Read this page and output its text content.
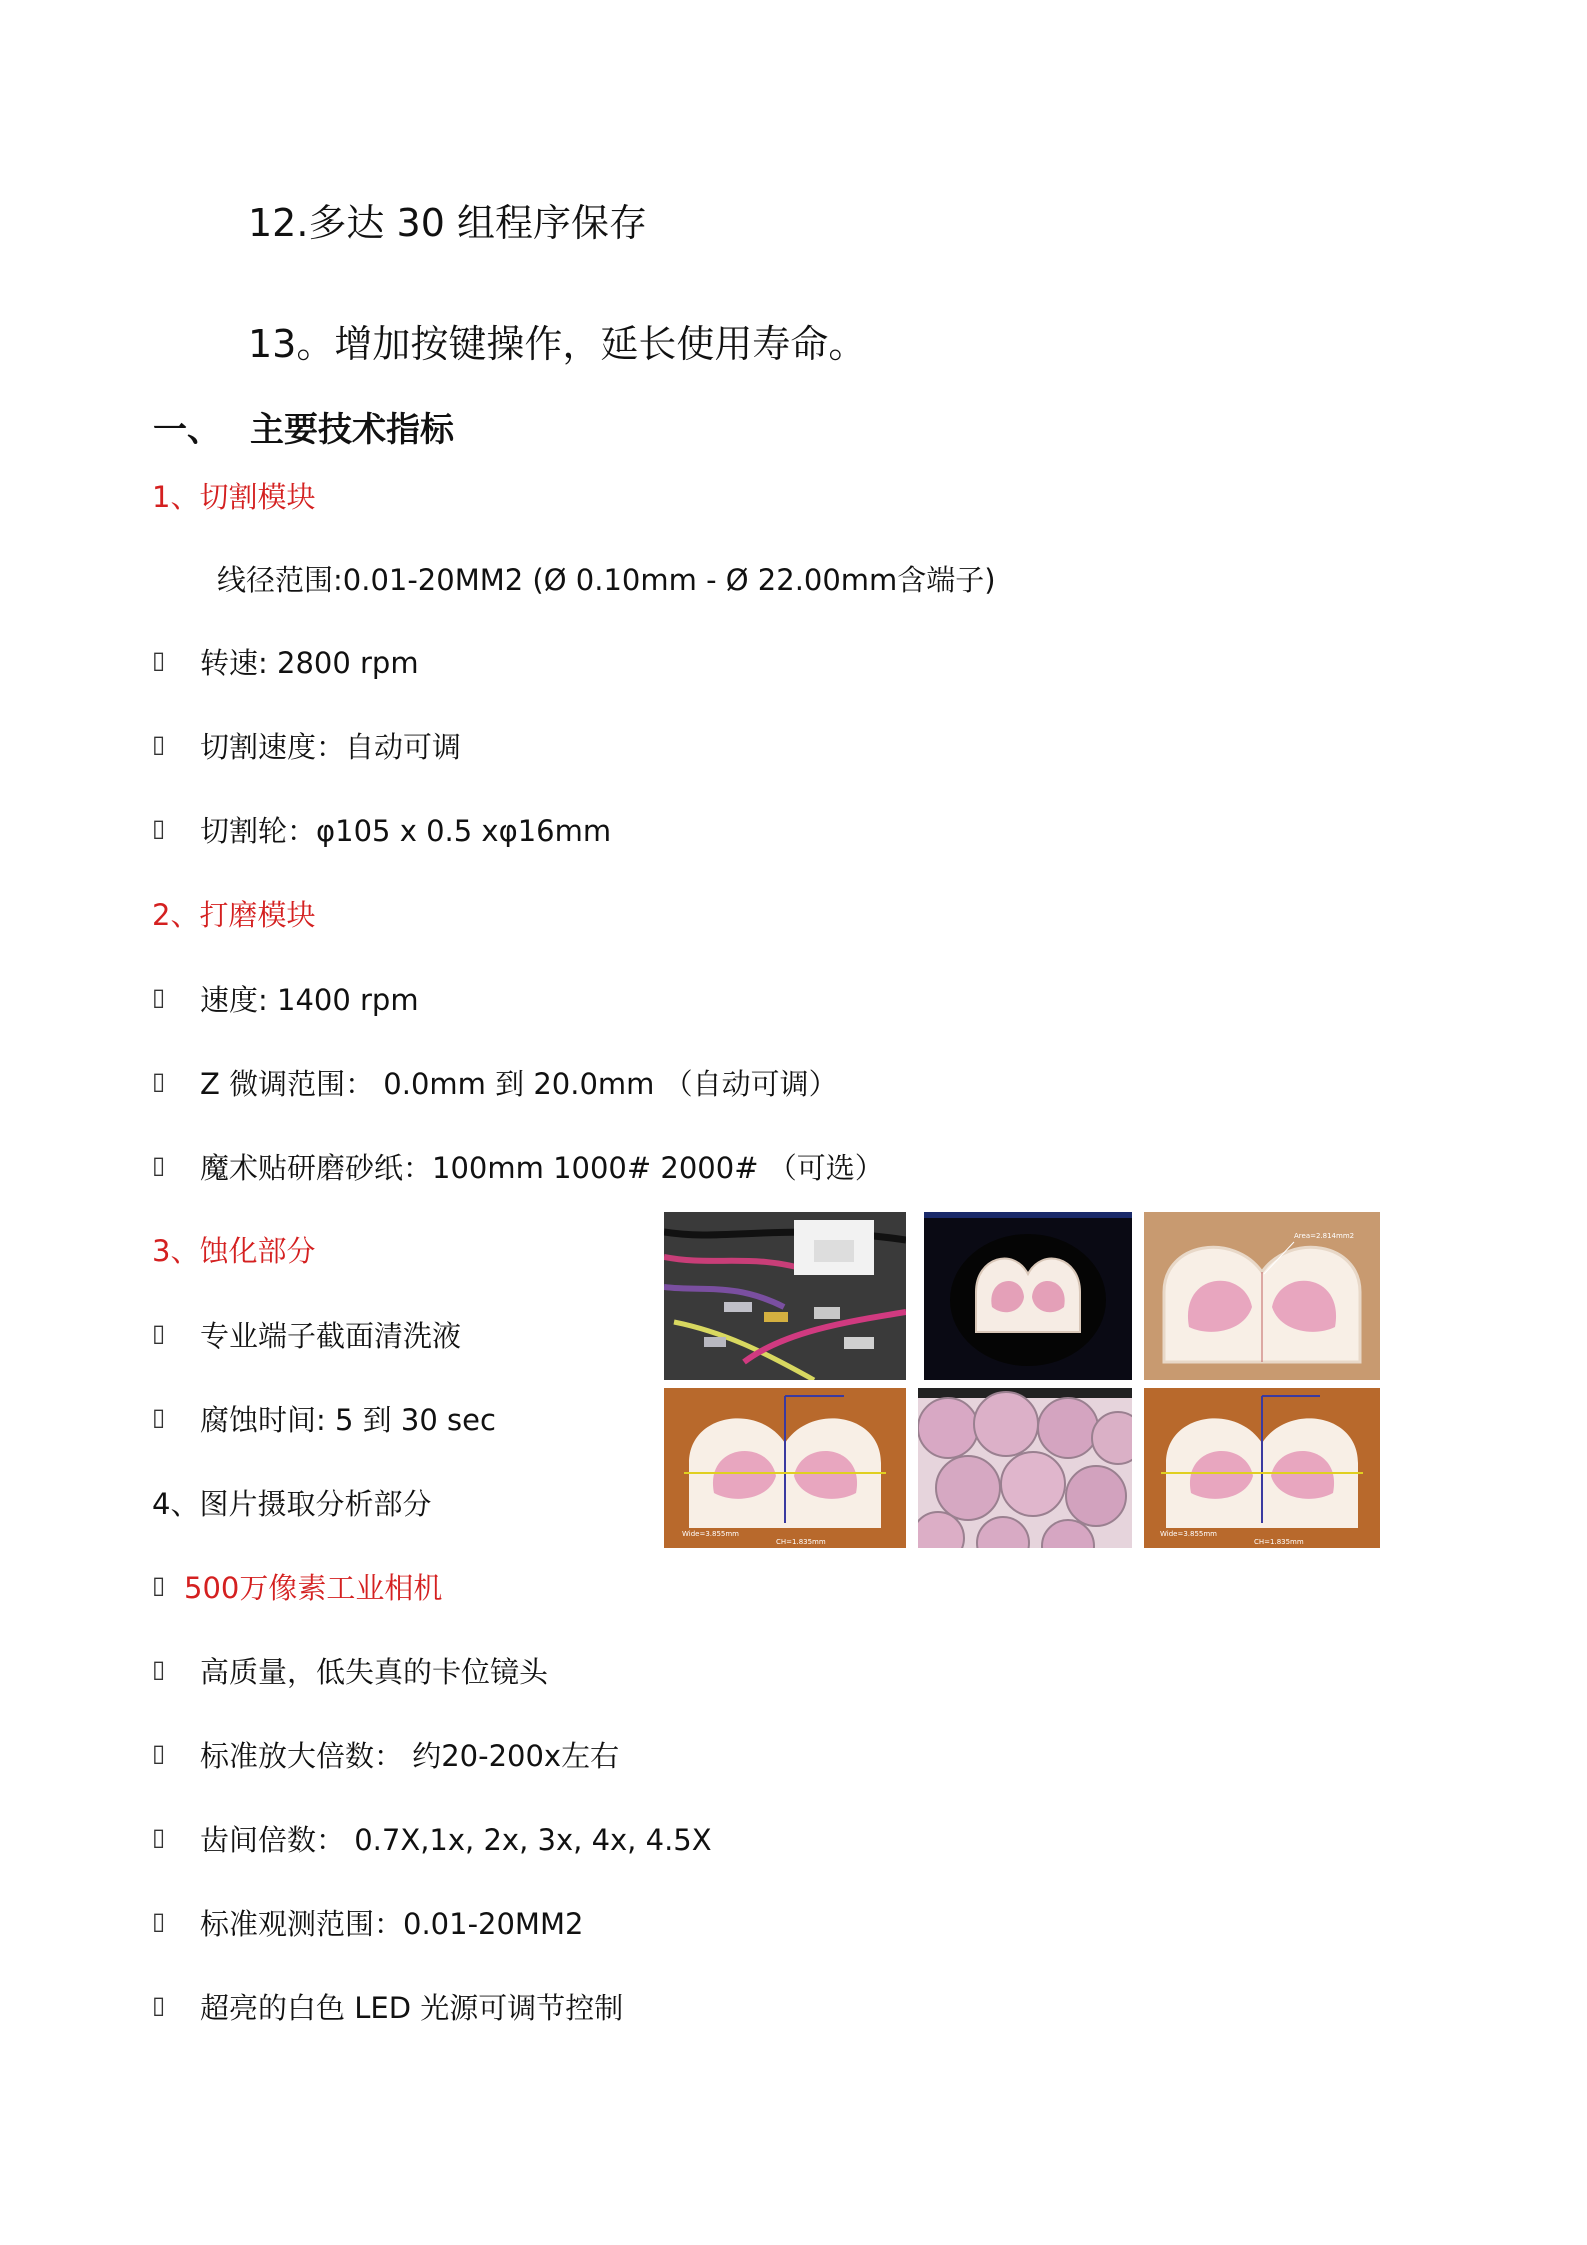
12.多达 30 组程序保存
13。增加按键操作，延长使用寿命。
一、 主要技术指标
1、切割模块
线径范围:0.01-20MM2 (Ø 0.10mm - Ø 22.00mm含端子)
▯ 转速: 2800 rpm
▯ 切割速度：自动可调
▯ 切割轮：φ105 x 0.5 xφ16mm
2、打磨模块
▯ 速度: 1400 rpm
▯ Z 微调范围： 0.0mm 到 20.0mm （自动可调）
▯ 魔术贴研磨砂纸：100mm 1000# 2000# （可选）
3、蚀化部分
▯ 专业端子截面清洗液
▯ 腐蚀时间: 5 到 30 sec
4、图片摄取分析部分
▯ 500万像素工业相机
▯ 高质量，低失真的卡位镜头
▯ 标准放大倍数： 约20-200x左右
▯ 齿间倍数： 0.7X,1x, 2x, 3x, 4x, 4.5X
▯ 标准观测范围：0.01-20MM2
▯ 超亮的白色 LED 光源可调节控制
Area=2.814mm2
Wide=3.855mm
CH=1.835mm
Wide=3.855mm
CH=1.835mm
